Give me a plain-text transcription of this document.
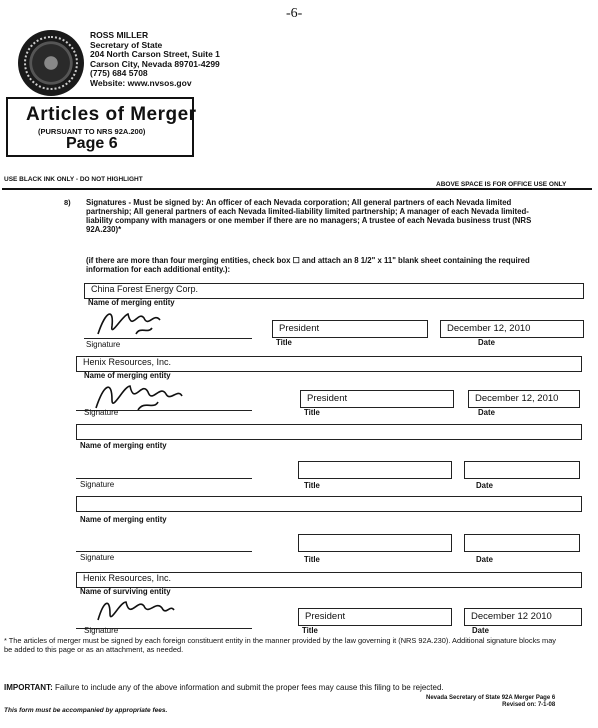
-6-
ROSS MILLER
Secretary of State
204 North Carson Street, Suite 1
Carson City, Nevada 89701-4299
(775) 684 5708
Website: www.nvsos.gov
Articles of Merger
(PURSUANT TO NRS 92A.200)
Page 6
USE BLACK INK ONLY - DO NOT HIGHLIGHT
ABOVE SPACE IS FOR OFFICE USE ONLY
8) Signatures - Must be signed by: An officer of each Nevada corporation; All general partners of each Nevada limited partnership; All general partners of each Nevada limited-liability limited partnership; A manager of each Nevada limited-liability company with managers or one member if there are no managers; A trustee of each Nevada business trust (NRS 92A.230)*
(if there are more than four merging entities, check box ☐ and attach an 8 1/2" x 11" blank sheet containing the required information for each additional entity.):
China Forest Energy Corp.
Name of merging entity
Signature
President
Title
December 12, 2010
Date
Henix Resources, Inc.
Name of merging entity
Signature
President
Title
December 12, 2010
Date
Name of merging entity
Signature	Title	Date
Name of merging entity
Signature	Title	Date
Henix Resources, Inc.
Name of surviving entity
Signature
President
Title
December 12 2010
Date
* The articles of merger must be signed by each foreign constituent entity in the manner provided by the law governing it (NRS 92A.230). Additional signature blocks may be added to this page or as an attachment, as needed.
IMPORTANT: Failure to include any of the above information and submit the proper fees may cause this filing to be rejected.
Nevada Secretary of State 92A Merger Page 6
Revised on: 7-1-08
This form must be accompanied by appropriate fees.
